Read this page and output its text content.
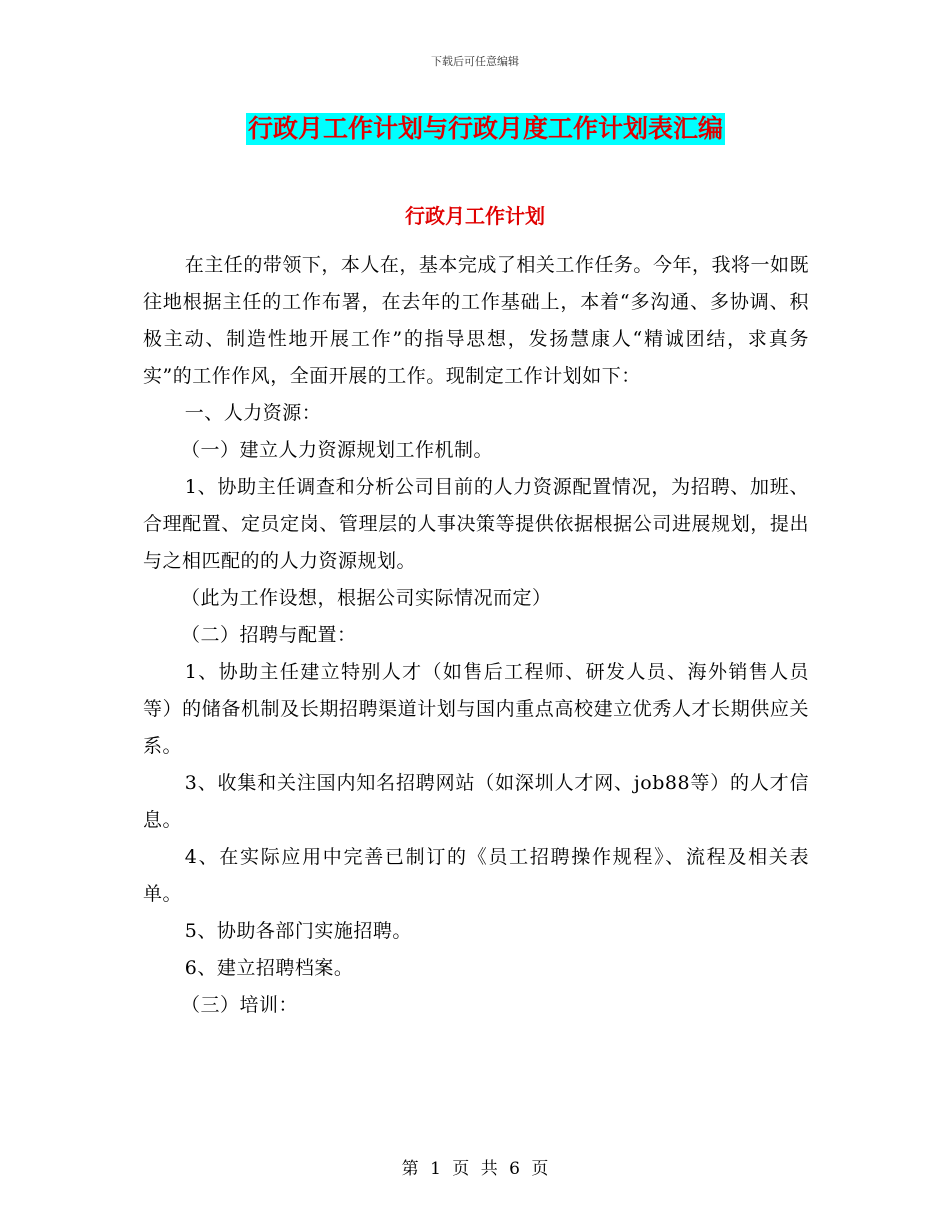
下载后可任意编辑
行政月工作计划与行政月度工作计划表汇编
行政月工作计划

在主任的带领下，本人在，基本完成了相关工作任务。今年，我将一如既往地根据主任的工作布署，在去年的工作基础上，本着“多沟通、多协调、积极主动、制造性地开展工作”的指导思想，发扬慧康人“精诚团结，求真务实”的工作作风，全面开展的工作。现制定工作计划如下：

一、人力资源：

（一）建立人力资源规划工作机制。

1、协助主任调查和分析公司目前的人力资源配置情况，为招聘、加班、合理配置、定员定岗、管理层的人事决策等提供依据根据公司进展规划，提出与之相匹配的的人力资源规划。

（此为工作设想，根据公司实际情况而定）

（二）招聘与配置：

1、协助主任建立特别人才（如售后工程师、研发人员、海外销售人员等）的储备机制及长期招聘渠道计划与国内重点高校建立优秀人才长期供应关系。

3、收集和关注国内知名招聘网站（如深圳人才网、job88等）的人才信息。

4、在实际应用中完善已制订的《员工招聘操作规程》、流程及相关表单。

5、协助各部门实施招聘。

6、建立招聘档案。

（三）培训：

第 1 页 共 6 页
